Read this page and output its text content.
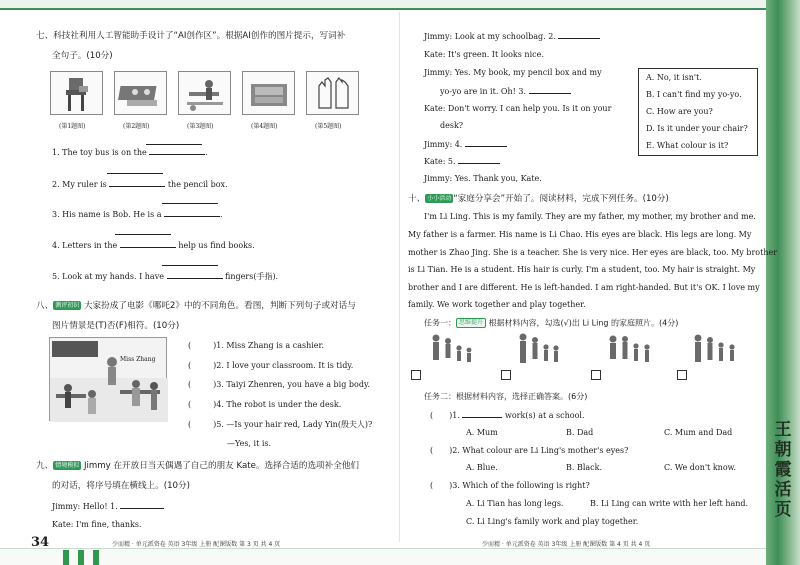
王朝霞活页
七、科技社利用人工智能助手设计了“AI创作区”。根据AI创作的图片提示，写词补
全句子。(10分)
(第1题图)	(第2题图)	(第3题图)	(第4题图)	(第5题图)
1. The toy bus is on the	.
2. My ruler is	the pencil box.
3. His name is Bob. He is a	.
4. Letters in the	help us find books.
5. Look at my hands. I have	fingers(手指).
八、 测评初识 大家扮成了电影《哪吒2》中的不同角色。看图，判断下列句子或对话与
图片情景是(T)否(F)相符。(10分)
Miss Zhang
(	)1. Miss Zhang is a cashier.
(	)2. I love your classroom. It is tidy.
(	)3. Taiyi Zhenren, you have a big body.
(	)4. The robot is under the desk.
(	)5. —Is your hair red, Lady Yin(殷夫人)?
—Yes, it is.
九、 情境模拟 Jimmy 在开放日当天偶遇了自己的朋友 Kate。选择合适的选项补全他们
的对话，将序号填在横线上。(10分)
Jimmy: Hello! 1.
Kate: I'm fine, thanks.
34	少而精 · 单元派资卷 英语 3年级 上册 配课版数 第 3 页 共 4 页
Jimmy: Look at my schoolbag. 2.
Kate: It's green. It looks nice.
Jimmy: Yes. My book, my pencil box and my
yo-yo are in it. Oh! 3.
Kate: Don't worry. I can help you. Is it on your
desk?
Jimmy: 4.
Kate: 5.
Jimmy: Yes. Thank you, Kate.
A. No, it isn't.
B. I can't find my yo-yo.
C. How are you?
D. Is it under your chair?
E. What colour is it?
十、 小小活动 “家庭分享会”开始了。阅读材料，完成下列任务。(10分)
I'm Li Ling. This is my family. They are my father, my mother, my brother and me.
My father is a farmer. His name is Li Chao. His eyes are black. His legs are long. My
mother is Zhao Jing. She is a teacher. She is very nice. Her eyes are black, too. My brother
is Li Tian. He is a student. His hair is curly. I'm a student, too. My hair is straight. My
brother and I are different. He is left-handed. I am right-handed. But it's OK. I love my
family. We work together and play together.
任务一： 思维提升 根据材料内容，勾选(√)出 Li Ling 的家庭照片。(4分)
任务二：根据材料内容，选择正确答案。(6分)
( )1.	work(s) at a school.
A. Mum	B. Dad	C. Mum and Dad
( )2. What colour are Li Ling's mother's eyes?
A. Blue.	B. Black.	C. We don't know.
( )3. Which of the following is right?
A. Li Tian has long legs.	B. Li Ling can write with her left hand.
C. Li Ling's family work and play together.
少而精 · 单元派资卷 英语 3年级 上册 配课版数 第 4 页 共 4 页
